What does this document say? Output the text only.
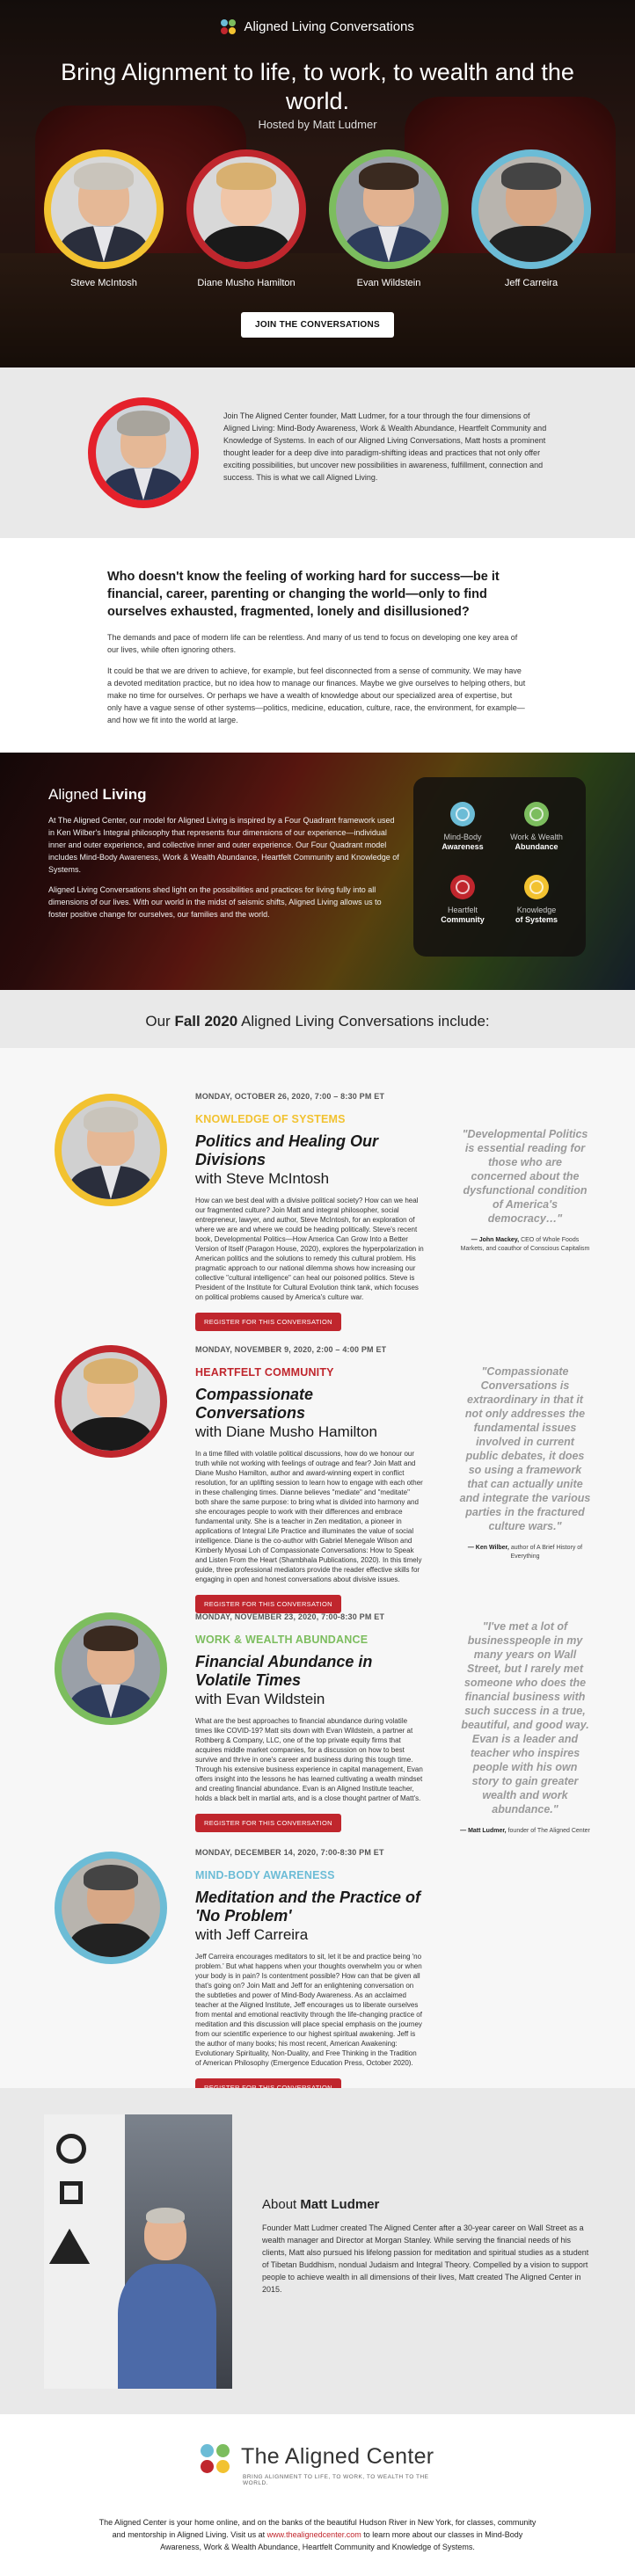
Aligned Living Conversations
Bring Alignment to life, to work, to wealth and the world.
Hosted by Matt Ludmer
Steve McIntosh	Diane Musho Hamilton	Evan Wildstein	Jeff Carreira
JOIN THE CONVERSATIONS

Join The Aligned Center founder, Matt Ludmer, for a tour through the four dimensions of Aligned Living: Mind-Body Awareness, Work & Wealth Abundance, Heartfelt Community and Knowledge of Systems. In each of our Aligned Living Conversations, Matt hosts a prominent thought leader for a deep dive into paradigm-shifting ideas and practices that not only offer exciting possibilities, but uncover new possibilities in awareness, fulfillment, connection and success. This is what we call Aligned Living.

Who doesn't know the feeling of working hard for success—be it financial, career, parenting or changing the world—only to find ourselves exhausted, fragmented, lonely and disillusioned?

The demands and pace of modern life can be relentless. And many of us tend to focus on developing one key area of our lives, while often ignoring others.

It could be that we are driven to achieve, for example, but feel disconnected from a sense of community. We may have a devoted meditation practice, but no idea how to manage our finances. Maybe we give ourselves to helping others, but make no time for ourselves. Or perhaps we have a wealth of knowledge about our specialized area of expertise, but only have a vague sense of other systems—politics, medicine, education, culture, race, the environment, for example—and how we fit into the world at large.

Aligned Living

At The Aligned Center, our model for Aligned Living is inspired by a Four Quadrant framework used in Ken Wilber's Integral philosophy that represents four dimensions of our experience—individual inner and outer experience, and collective inner and outer experience. Our Four Quadrant model includes Mind-Body Awareness, Work & Wealth Abundance, Heartfelt Community and Knowledge of Systems.

Aligned Living Conversations shed light on the possibilities and practices for living fully into all dimensions of our lives. With our world in the midst of seismic shifts, Aligned Living allows us to foster positive change for ourselves, our families and the world.

Mind-Body
Awareness
Work & Wealth
Abundance
Heartfelt
Community
Knowledge
of Systems
Our Fall 2020 Aligned Living Conversations include:
MONDAY, OCTOBER 26, 2020, 7:00 – 8:30 PM ET
KNOWLEDGE OF SYSTEMS
Politics and Healing Our Divisions
with Steve McIntosh
How can we best deal with a divisive political society? How can we heal our fragmented culture? Join Matt and integral philosopher, social entrepreneur, lawyer, and author, Steve McIntosh, for an exploration of where we are and where we could be heading politically. Steve's recent book, Developmental Politics—How America Can Grow Into a Better Version of Itself (Paragon House, 2020), explores the hyperpolarization in American politics and the solutions to remedy this cultural problem. His pragmatic approach to our national dilemma shows how increasing our collective "cultural intelligence" can heal our poisoned politics. Steve is President of the Institute for Cultural Evolution think tank, which focuses on political problems caused by America's culture war.
REGISTER FOR THIS CONVERSATION
"Developmental Politics is essential reading for those who are concerned about the dysfunctional condition of America's democracy…"
— John Mackey, CEO of Whole Foods Markets, and coauthor of Conscious Capitalism
MONDAY, NOVEMBER 9, 2020, 2:00 – 4:00 PM ET
HEARTFELT COMMUNITY
Compassionate Conversations
with Diane Musho Hamilton
In a time filled with volatile political discussions, how do we honour our truth while not working with feelings of outrage and fear? Join Matt and Diane Musho Hamilton, author and award-winning expert in conflict resolution, for an uplifting session to learn how to engage with each other in these challenging times. Dianne believes "mediate" and "meditate" both share the same purpose: to bring what is divided into harmony and she encourages people to work with their differences and embrace fundamental unity. She is a teacher in Zen meditation, a pioneer in applications of Integral Life Practice and illuminates the value of social intelligence. Diane is the co-author with Gabriel Menegale Wilson and Kimberly Myosai Loh of Compassionate Conversations: How to Speak and Listen From the Heart (Shambhala Publications, 2020). In this timely guide, three professional mediators provide the reader effective skills for engaging in open and honest conversations about divisive issues.
REGISTER FOR THIS CONVERSATION
"Compassionate Conversations is extraordinary in that it not only addresses the fundamental issues involved in current public debates, it does so using a framework that can actually unite and integrate the various parties in the fractured culture wars."
— Ken Wilber, author of A Brief History of Everything
MONDAY, NOVEMBER 23, 2020, 7:00-8:30 PM ET
WORK & WEALTH ABUNDANCE
Financial Abundance in Volatile Times
with Evan Wildstein
What are the best approaches to financial abundance during volatile times like COVID-19? Matt sits down with Evan Wildstein, a partner at Rothberg & Company, LLC, one of the top private equity firms that acquires middle market companies, for a discussion on how to best survive and thrive in one's career and business during this tough time. Through his extensive business experience in capital management, Evan offers insight into the lessons he has learned cultivating a wealth mindset and creating financial abundance. Evan is an Aligned Institute teacher, holds a black belt in martial arts, and is a close thought partner of Matt's.
REGISTER FOR THIS CONVERSATION
"I've met a lot of businesspeople in my many years on Wall Street, but I rarely met someone who does the financial business with such success in a true, beautiful, and good way. Evan is a leader and teacher who inspires people with his own story to gain greater wealth and work abundance."
— Matt Ludmer, founder of The Aligned Center
MONDAY, DECEMBER 14, 2020, 7:00-8:30 PM ET
MIND-BODY AWARENESS
Meditation and the Practice of 'No Problem'
with Jeff Carreira
Jeff Carreira encourages meditators to sit, let it be and practice being 'no problem.' But what happens when your thoughts overwhelm you or when your body is in pain? Is contentment possible? How can that be given all that's going on? Join Matt and Jeff for an enlightening conversation on the subtleties and power of Mind-Body Awareness. As an acclaimed teacher at the Aligned Institute, Jeff encourages us to liberate ourselves from mental and emotional reactivity through the life-changing practice of meditation and this discussion will place special emphasis on the journey from our scientific experience to our highest spiritual awakening. Jeff is the author of many books; his most recent, American Awakening: Evolutionary Spirituality, Non-Duality, and Free Thinking in the Tradition of American Philosophy (Emergence Education Press, October 2020).
About Matt Ludmer

Founder Matt Ludmer created The Aligned Center after a 30-year career on Wall Street as a wealth manager and Director at Morgan Stanley. While serving the financial needs of his clients, Matt also pursued his lifelong passion for meditation and spiritual studies as a student of Tibetan Buddhism, nondual Judaism and Integral Theory. Compelled by a vision to support people to achieve wealth in all dimensions of their lives, Matt created The Aligned Center in 2015.

The Aligned Center
BRING ALIGNMENT TO LIFE, TO WORK, TO WEALTH TO THE WORLD.

The Aligned Center is your home online, and on the banks of the beautiful Hudson River in New York, for classes, community and mentorship in Aligned Living. Visit us at www.thealignedcenter.com to learn more about our classes in Mind-Body Awareness, Work & Wealth Abundance, Heartfelt Community and Knowledge of Systems.
